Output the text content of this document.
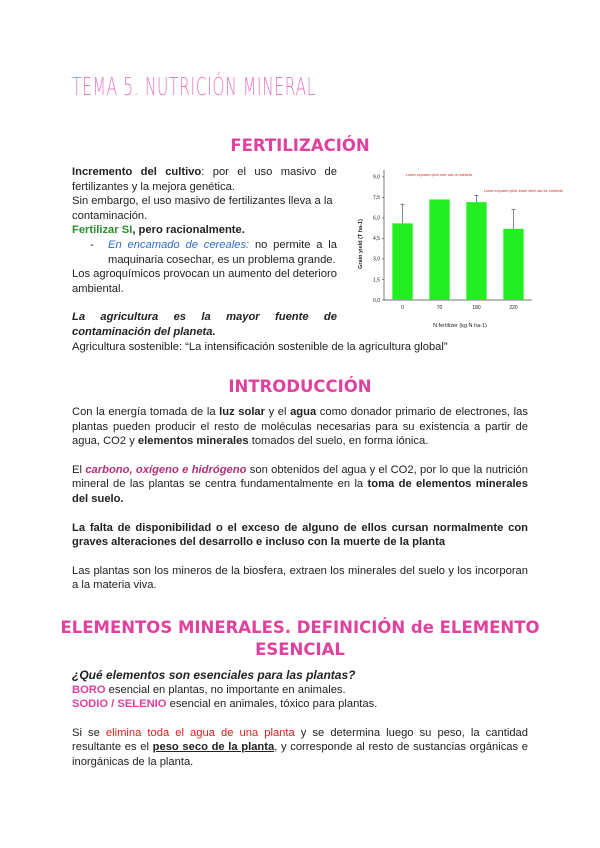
TEMA 5. NUTRICIÓN MINERAL
FERTILIZACIÓN
Incremento del cultivo: por el uso masivo de
fertilizantes y la mejora genética.
Sin embargo, el uso masivo de fertilizantes lleva a la
contaminación.
Fertilizar SI, pero racionalmente.
- En encamado de cereales: no permite a la
maquinaria cosechar, es un problema grande.
Los agroquímicos provocan un aumento del deterioro
ambiental.
La agricultura es la mayor fuente de
contaminación del planeta.
Agricultura sostenible: “La intensificación sostenible de la agricultura global”
0,0
1,5
3,0
4,5
6,0
7,5
9,0
0	70	180	220
Grain yield (T ha-1)
N fertilizer (kg N ha-1)
Lower exposed yield over use of nutrients
Lower exposed yield, lower shell use for nutrients
INTRODUCCIÓN
Con la energía tomada de la luz solar y el agua como donador primario de electrones, las
plantas pueden producir el resto de moléculas necesarias para su existencia a partir de
agua, CO2 y elementos minerales tomados del suelo, en forma iónica.
El carbono, oxígeno e hidrógeno son obtenidos del agua y el CO2, por lo que la nutrición
mineral de las plantas se centra fundamentalmente en la toma de elementos minerales
del suelo.
La falta de disponibilidad o el exceso de alguno de ellos cursan normalmente con
graves alteraciones del desarrollo e incluso con la muerte de la planta
Las plantas son los mineros de la biosfera, extraen los minerales del suelo y los incorporan
a la materia viva.
ELEMENTOS MINERALES. DEFINICIÓN de ELEMENTO
ESENCIAL
¿Qué elementos son esenciales para las plantas?
BORO esencial en plantas, no importante en animales.
SODIO / SELENIO esencial en animales, tóxico para plantas.
Si se elimina toda el agua de una planta y se determina luego su peso, la cantidad
resultante es el peso seco de la planta, y corresponde al resto de sustancias orgánicas e
inorgánicas de la planta.
